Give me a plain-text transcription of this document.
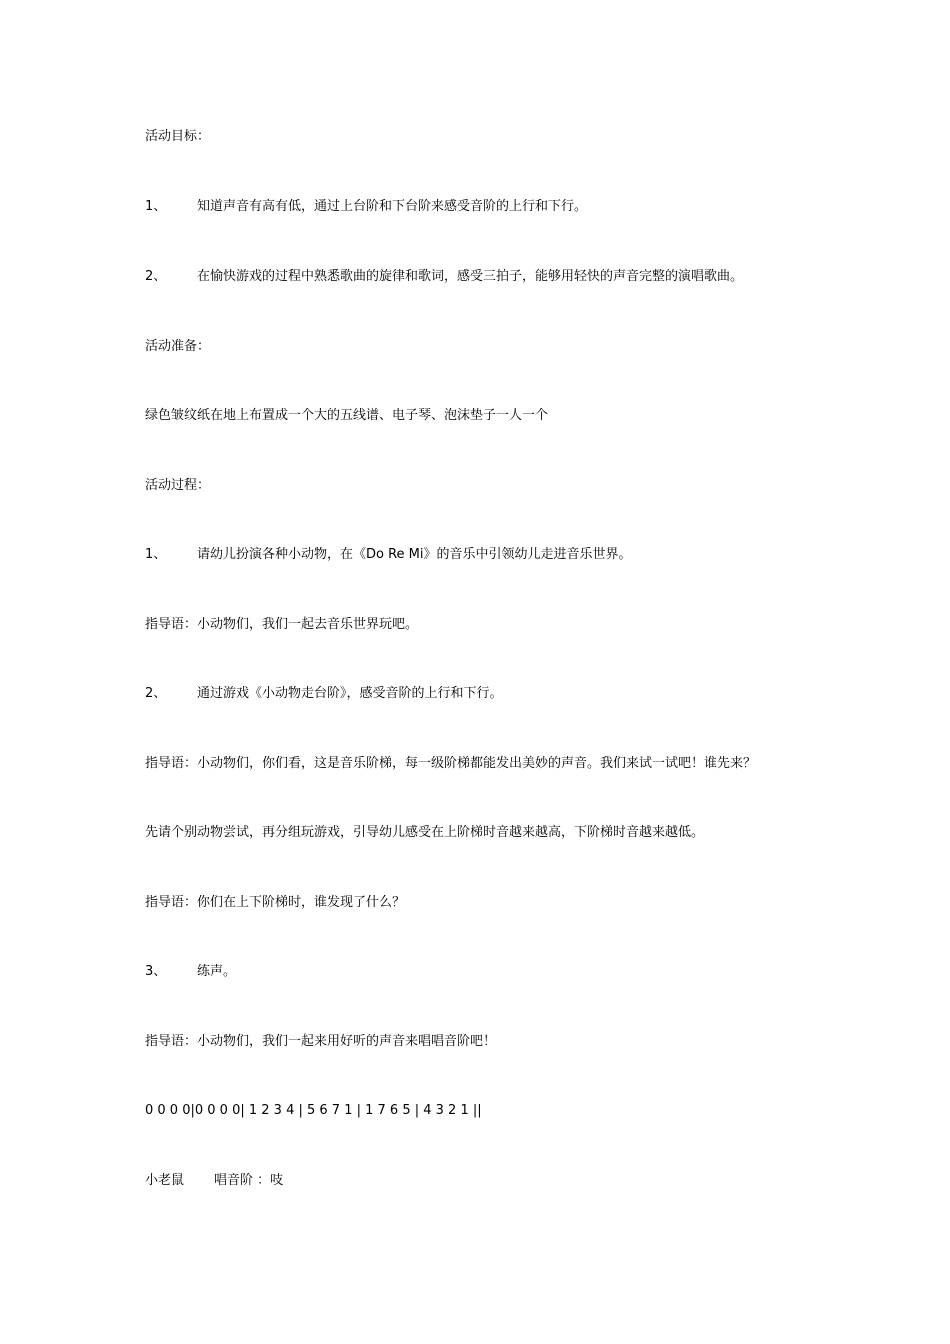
活动目标：
1、 知道声音有高有低，通过上台阶和下台阶来感受音阶的上行和下行。
2、 在愉快游戏的过程中熟悉歌曲的旋律和歌词，感受三拍子，能够用轻快的声音完整的演唱歌曲。
活动准备：
绿色皱纹纸在地上布置成一个大的五线谱、电子琴、泡沫垫子一人一个
活动过程：
1、 请幼儿扮演各种小动物，在《Do Re Mi》的音乐中引领幼儿走进音乐世界。
指导语：小动物们，我们一起去音乐世界玩吧。
2、 通过游戏《小动物走台阶》，感受音阶的上行和下行。
指导语：小动物们，你们看，这是音乐阶梯，每一级阶梯都能发出美妙的声音。我们来试一试吧！谁先来？
先请个别动物尝试，再分组玩游戏，引导幼儿感受在上阶梯时音越来越高，下阶梯时音越来越低。
指导语：你们在上下阶梯时，谁发现了什么？
3、 练声。
指导语：小动物们，我们一起来用好听的声音来唱唱音阶吧！
0 0 0 0|0 0 0 0| 1 2 3 4 | 5 6 7 1 | 1 7 6 5 | 4 3 2 1 ||
小老鼠 唱音阶 ：吱
